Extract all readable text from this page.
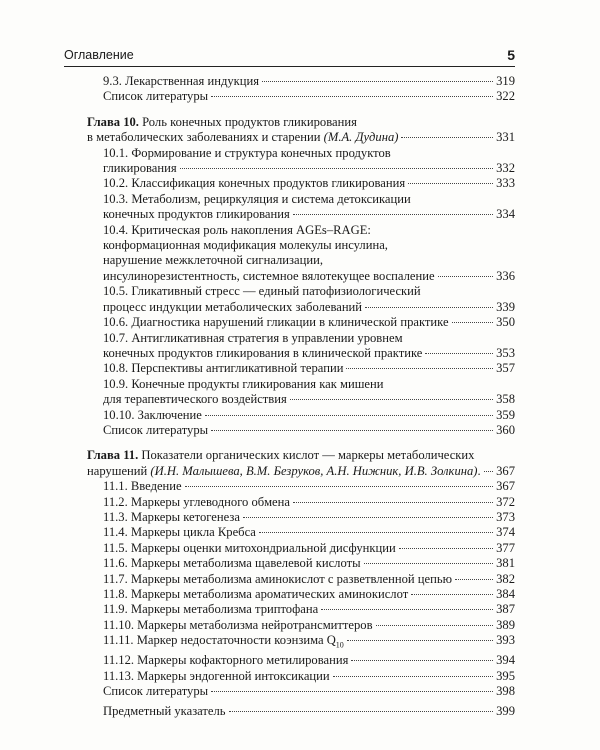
Оглавление	5
9.3. Лекарственная индукция	319
Список литературы	322
Глава 10. Роль конечных продуктов гликирования
в метаболических заболеваниях и старении (М.А. Дудина)	331
10.1. Формирование и структура конечных продуктов
гликирования	332
10.2. Классификация конечных продуктов гликирования	333
10.3. Метаболизм, рециркуляция и система детоксикации
конечных продуктов гликирования	334
10.4. Критическая роль накопления AGEs–RAGE:
конформационная модификация молекулы инсулина,
нарушение межклеточной сигнализации,
инсулинорезистентность, системное вялотекущее воспаление	336
10.5. Гликативный стресс — единый патофизиологический
процесс индукции метаболических заболеваний	339
10.6. Диагностика нарушений гликации в клинической практике	350
10.7. Антигликативная стратегия в управлении уровнем
конечных продуктов гликирования в клинической практике	353
10.8. Перспективы антигликативной терапии	357
10.9. Конечные продукты гликирования как мишени
для терапевтического воздействия	358
10.10. Заключение	359
Список литературы	360
Глава 11. Показатели органических кислот — маркеры метаболических
нарушений (И.Н. Малышева, В.М. Безруков, А.Н. Нижник, И.В. Золкина). 367
11.1. Введение	367
11.2. Маркеры углеводного обмена	372
11.3. Маркеры кетогенеза	373
11.4. Маркеры цикла Кребса	374
11.5. Маркеры оценки митохондриальной дисфункции	377
11.6. Маркеры метаболизма щавелевой кислоты	381
11.7. Маркеры метаболизма аминокислот с разветвленной цепью	382
11.8. Маркеры метаболизма ароматических аминокислот	384
11.9. Маркеры метаболизма триптофана	387
11.10. Маркеры метаболизма нейротрансмиттеров	389
11.11. Маркер недостаточности коэнзима $Q_{10}$	393
11.12. Маркеры кофакторного метилирования	394
11.13. Маркеры эндогенной интоксикации	395
Список литературы	398
Предметный указатель	399
